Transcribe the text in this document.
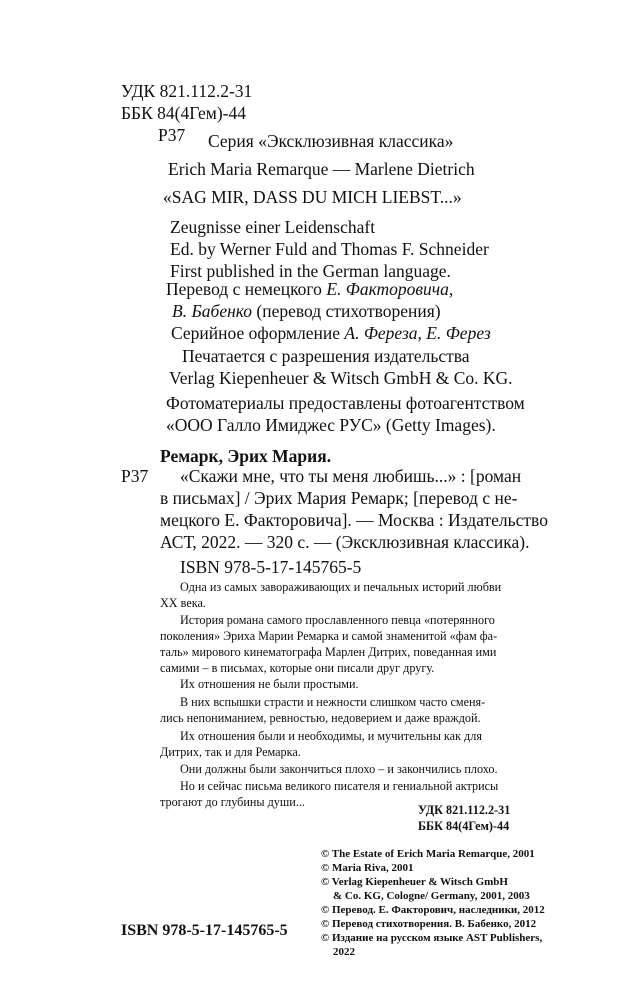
УДК 821.112.2-31
ББК 84(4Гем)-44
Р37 Серия «Эксклюзивная классика»
Erich Maria Remarque — Marlene Dietrich
«SAG MIR, DASS DU MICH LIEBST...»
Zeugnisse einer Leidenschaft
Ed. by Werner Fuld and Thomas F. Schneider
First published in the German language.
Перевод с немецкого Е. Факторовича,
В. Бабенко (перевод стихотворения)
Серийное оформление А. Фереза, Е. Ферез
Печатается с разрешения издательства
Verlag Kiepenheuer & Witsch GmbH & Co. KG.
Фотоматериалы предоставлены фотоагентством
«ООО Галло Имиджес РУС» (Getty Images).
Ремарк, Эрих Мария.
Р37 «Скажи мне, что ты меня любишь...» : [роман
в письмах] / Эрих Мария Ремарк; [перевод с не-
мецкого Е. Факторовича]. — Москва : Издательство
АСТ, 2022. — 320 с. — (Эксклюзивная классика).
ISBN 978-5-17-145765-5
Одна из самых завораживающих и печальных историй любви
XX века.
История романа самого прославленного певца «потерянного
поколения» Эриха Марии Ремарка и самой знаменитой «фам фа-
таль» мирового кинематографа Марлен Дитрих, поведанная ими
самими – в письмах, которые они писали друг другу.
Их отношения не были простыми.
В них вспышки страсти и нежности слишком часто сменя-
лись непониманием, ревностью, недоверием и даже враждой.
Их отношения были и необходимы, и мучительны как для
Дитрих, так и для Ремарка.
Они должны были закончиться плохо – и закончились плохо.
Но и сейчас письма великого писателя и гениальной актрисы
трогают до глубины души...
УДК 821.112.2-31
ББК 84(4Гем)-44
© The Estate of Erich Maria Remarque, 2001
© Maria Riva, 2001
© Verlag Kiepenheuer & Witsch GmbH
& Co. KG, Cologne/ Germany, 2001, 2003
© Перевод. Е. Факторович, наследники, 2012
© Перевод стихотворения. В. Бабенко, 2012
© Издание на русском языке AST Publishers,
2022
ISBN 978-5-17-145765-5
